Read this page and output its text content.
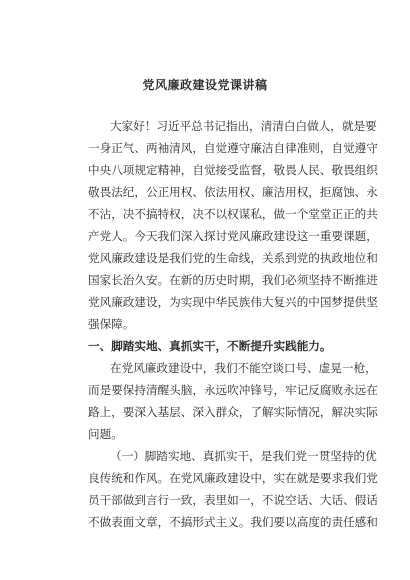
党风廉政建设党课讲稿
大家好！习近平总书记指出，清清白白做人，就是要
一身正气、两袖清风，自觉遵守廉洁自律准则，自觉遵守
中央八项规定精神，自觉接受监督，敬畏人民、敬畏组织
敬畏法纪，公正用权、依法用权、廉洁用权，拒腐蚀、永
不沾，决不搞特权，决不以权谋私，做一个堂堂正正的共
产党人。今天我们深入探讨党风廉政建设这一重要课题，
党风廉政建设是我们党的生命线，关系到党的执政地位和
国家长治久安。在新的历史时期，我们必须坚持不断推进
党风廉政建设，为实现中华民族伟大复兴的中国梦提供坚
强保障。
一、脚踏实地、真抓实干，不断提升实践能力。
在党风廉政建设中，我们不能空谈口号、虚晃一枪，
而是要保持清醒头脑，永远吹冲锋号，牢记反腐败永远在
路上，要深入基层、深入群众，了解实际情况，解决实际
问题。
（一）脚踏实地、真抓实干，是我们党一贯坚持的优
良传统和作风。在党风廉政建设中，实在就是要求我们党
员干部做到言行一致，表里如一，不说空话、大话、假话
不做表面文章，不搞形式主义。我们要以高度的责任感和
